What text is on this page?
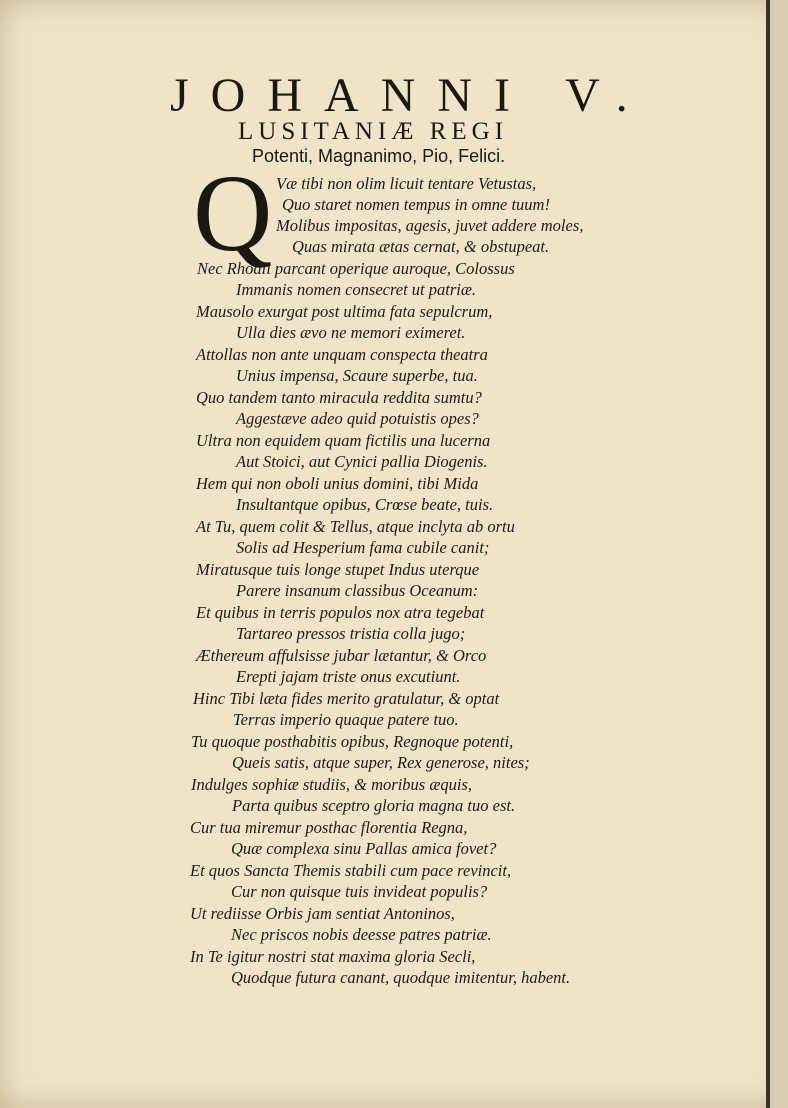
JOHANNI V.
LUSITANIÆ REGI
Potenti, Magnanimo, Pio, Felici.
Q Væ tibi non olim licuit tentare Vetustas,
Quo staret nomen tempus in omne tuum!
Molibus impositas, agesis, juvet addere moles,
Quas mirata ætas cernat, & obstupeat.
Nec Rhodii parcant operique auroque, Colossus
Immanis nomen consecret ut patriæ.
Mausolo exurgat post ultima fata sepulcrum,
Ulla dies ævo ne memori eximeret.
Attollas non ante unquam conspecta theatra
Unius impensa, Scaure superbe, tua.
Quo tandem tanto miracula reddita sumtu?
Aggestæve adeo quid potuistis opes?
Ultra non equidem quam fictilis una lucerna
Aut Stoici, aut Cynici pallia Diogenis.
Hem qui non oboli unius domini, tibi Mida
Insultantque opibus, Crœse beate, tuis.
At Tu, quem colit & Tellus, atque inclyta ab ortu
Solis ad Hesperium fama cubile canit;
Miratusque tuis longe stupet Indus uterque
Parere insanum classibus Oceanum:
Et quibus in terris populos nox atra tegebat
Tartareo pressos tristia colla jugo;
Æthereum affulsisse jubar lætantur, & Orco
Erepti jajam triste onus excutiunt.
Hinc Tibi læta fides merito gratulatur, & optat
Terras imperio quaque patere tuo.
Tu quoque posthabitis opibus, Regnoque potenti,
Queis satis, atque super, Rex generose, nites;
Indulges sophiæ studiis, & moribus æquis,
Parta quibus sceptro gloria magna tuo est.
Cur tua miremur posthac florentia Regna,
Quæ complexa sinu Pallas amica fovet?
Et quos Sancta Themis stabili cum pace revincit,
Cur non quisque tuis invideat populis?
Ut rediisse Orbis jam sentiat Antoninos,
Nec priscos nobis deesse patres patriæ.
In Te igitur nostri stat maxima gloria Secli,
Quodque futura canant, quodque imitentur, habent.
